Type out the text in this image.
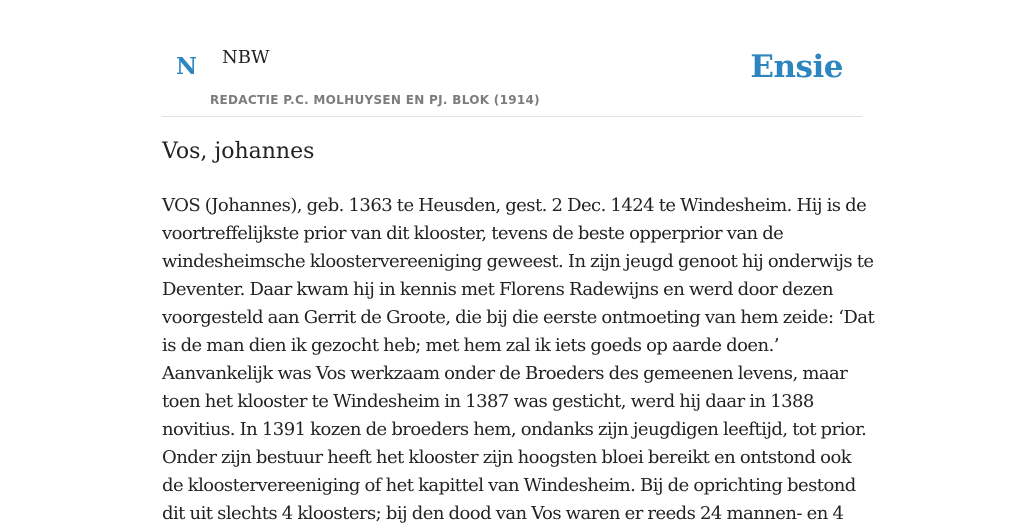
N NBW
REDACTIE P.C. MOLHUYSEN EN PJ. BLOK (1914)
Ensie
Vos, johannes

VOS (Johannes), geb. 1363 te Heusden, gest. 2 Dec. 1424 te Windesheim. Hij is de
voortreffelijkste prior van dit klooster, tevens de beste opperprior van de
windesheimsche kloostervereeniging geweest. In zijn jeugd genoot hij onderwijs te
Deventer. Daar kwam hij in kennis met Florens Radewijns en werd door dezen
voorgesteld aan Gerrit de Groote, die bij die eerste ontmoeting van hem zeide: ‘Dat
is de man dien ik gezocht heb; met hem zal ik iets goeds op aarde doen.’
Aanvankelijk was Vos werkzaam onder de Broeders des gemeenen levens, maar
toen het klooster te Windesheim in 1387 was gesticht, werd hij daar in 1388
novitius. In 1391 kozen de broeders hem, ondanks zijn jeugdigen leeftijd, tot prior.
Onder zijn bestuur heeft het klooster zijn hoogsten bloei bereikt en ontstond ook
de kloostervereeniging of het kapittel van Windesheim. Bij de oprichting bestond
dit uit slechts 4 kloosters; bij den dood van Vos waren er reeds 24 mannen- en 4
